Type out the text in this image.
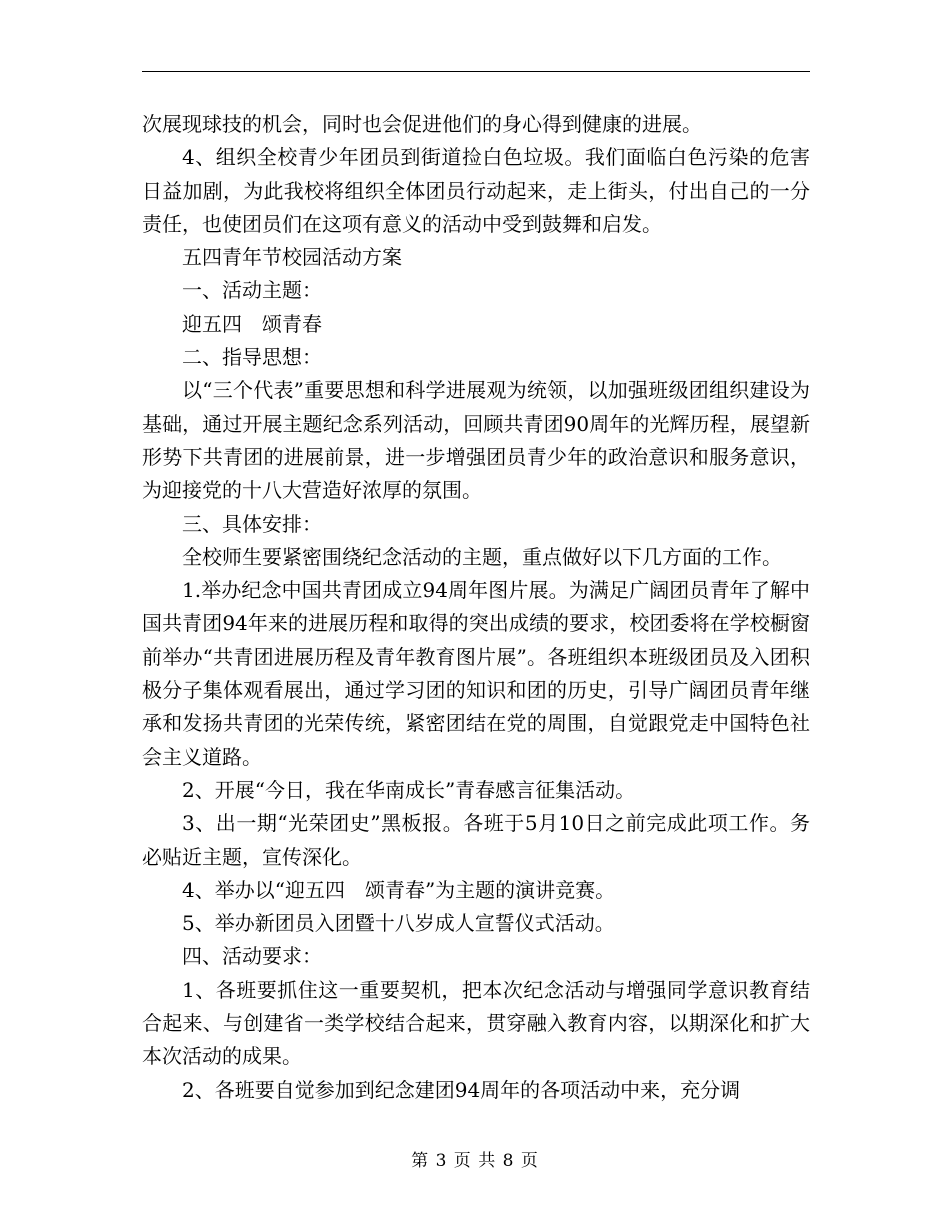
次展现球技的机会，同时也会促进他们的身心得到健康的进展。

4、组织全校青少年团员到街道捡白色垃圾。我们面临白色污染的危害日益加剧，为此我校将组织全体团员行动起来，走上街头，付出自己的一分责任，也使团员们在这项有意义的活动中受到鼓舞和启发。

五四青年节校园活动方案

一、活动主题：

迎五四　颂青春

二、指导思想：

以“三个代表”重要思想和科学进展观为统领，以加强班级团组织建设为基础，通过开展主题纪念系列活动，回顾共青团90周年的光辉历程，展望新形势下共青团的进展前景，进一步增强团员青少年的政治意识和服务意识，为迎接党的十八大营造好浓厚的氛围。

三、具体安排：

全校师生要紧密围绕纪念活动的主题，重点做好以下几方面的工作。

1.举办纪念中国共青团成立94周年图片展。为满足广阔团员青年了解中国共青团94年来的进展历程和取得的突出成绩的要求，校团委将在学校橱窗前举办“共青团进展历程及青年教育图片展”。各班组织本班级团员及入团积极分子集体观看展出，通过学习团的知识和团的历史，引导广阔团员青年继承和发扬共青团的光荣传统，紧密团结在党的周围，自觉跟党走中国特色社会主义道路。

2、开展“今日，我在华南成长”青春感言征集活动。

3、出一期“光荣团史”黑板报。各班于5月10日之前完成此项工作。务必贴近主题，宣传深化。

4、举办以“迎五四　颂青春”为主题的演讲竞赛。

5、举办新团员入团暨十八岁成人宣誓仪式活动。

四、活动要求：

1、各班要抓住这一重要契机，把本次纪念活动与增强同学意识教育结合起来、与创建省一类学校结合起来，贯穿融入教育内容，以期深化和扩大本次活动的成果。

2、各班要自觉参加到纪念建团94周年的各项活动中来，充分调

第 3 页 共 8 页
